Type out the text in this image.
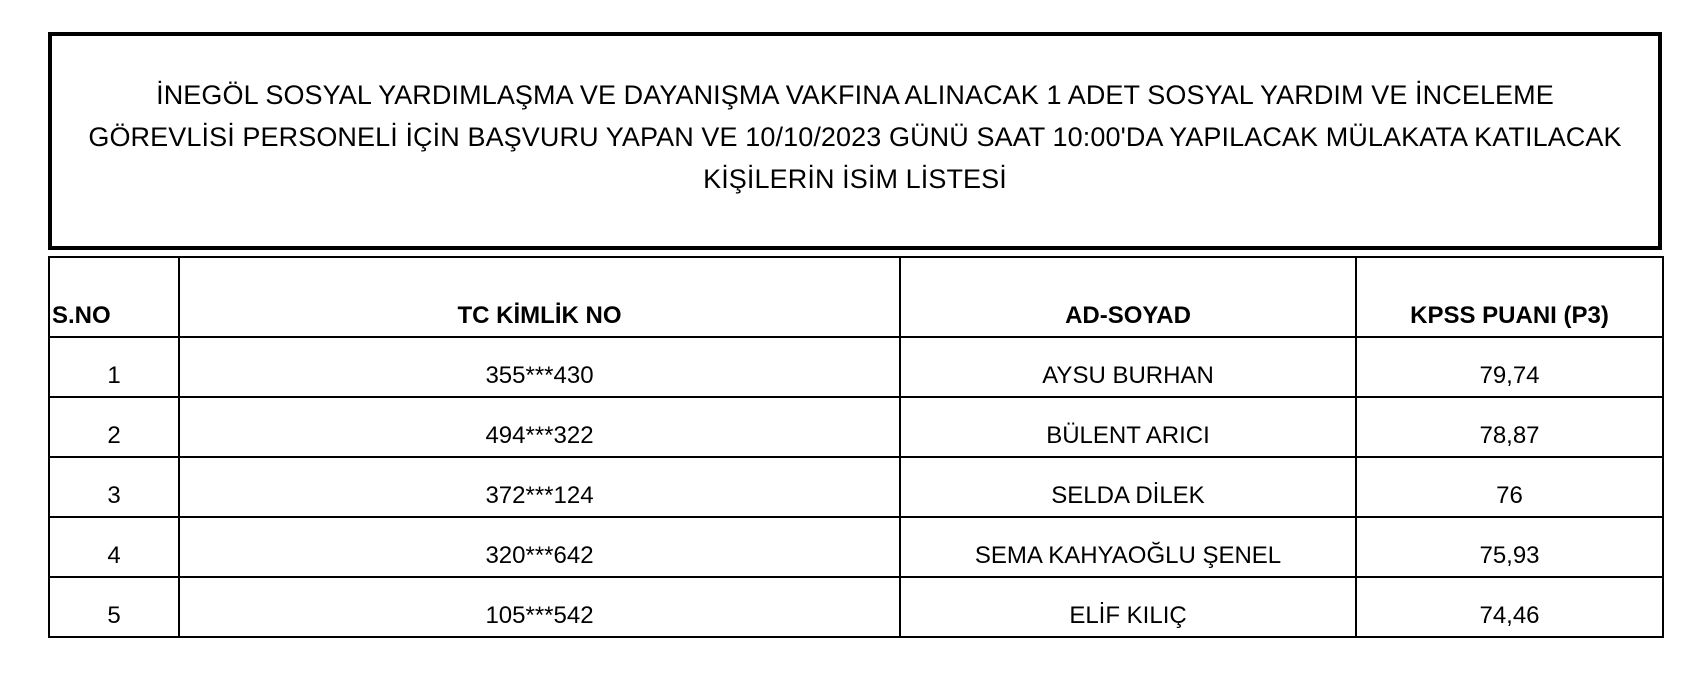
İNEGÖL SOSYAL YARDIMLAŞMA VE DAYANIŞMA VAKFINA ALINACAK 1 ADET SOSYAL YARDIM VE İNCELEME GÖREVLİSİ PERSONELİ İÇİN BAŞVURU YAPAN VE 10/10/2023 GÜNÜ SAAT 10:00'DA YAPILACAK MÜLAKATA KATILACAK KİŞİLERİN İSİM LİSTESİ
S.NO	TC KİMLİK NO	AD-SOYAD	KPSS PUANI (P3)
1	355***430	AYSU BURHAN	79,74
2	494***322	BÜLENT ARICI	78,87
3	372***124	SELDA DİLEK	76
4	320***642	SEMA KAHYAOĞLU ŞENEL	75,93
5	105***542	ELİF KILIÇ	74,46
